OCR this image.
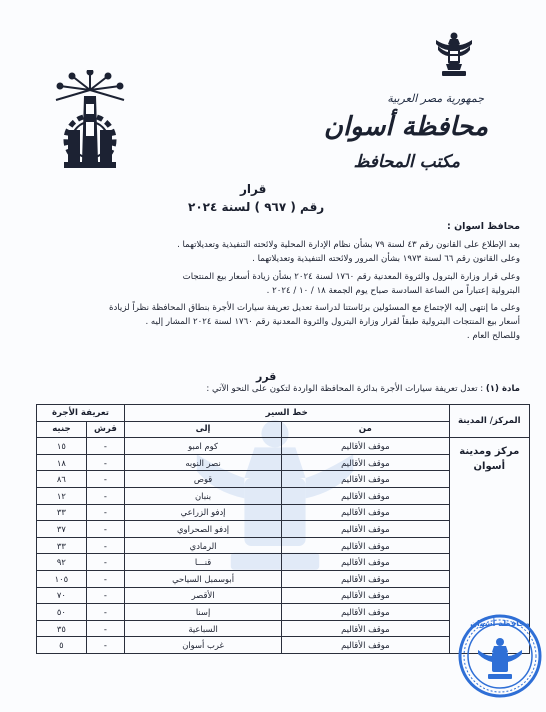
جمهورية مصر العربية
محافظة أسوان
مكتب المحافظ
قرار
رقم ( ٩٦٧ ) لسنة ٢٠٢٤
محافظ اسوان :
بعد الإطلاع على القانون رقم ٤٣ لسنة ٧٩ بشأن نظام الإدارة المحلية ولائحته التنفيذية وتعديلاتهما .
وعلى القانون رقم ٦٦ لسنة ١٩٧٣ بشأن المرور ولائحته التنفيذية وتعديلاتهما .
وعلى قرار وزارة البترول والثروة المعدنية رقم ١٧٦٠ لسنة ٢٠٢٤ بشأن زيادة أسعار بيع المنتجات
البترولية إعتباراً من الساعة السادسة صباح يوم الجمعة ١٨ / ١٠ / ٢٠٢٤ .
وعلى ما إنتهى إليه الإجتماع مع المسئولين برئاستنا لدراسة تعديل تعريفة سيارات الأجرة بنطاق المحافظة نظراً لزيادة
أسعار بيع المنتجات البترولية طبقاً لقرار وزارة البترول والثروة المعدنية رقم ١٧٦٠ لسنة ٢٠٢٤ المشار إليه .
وللصالح العام .
قرر
مادة (١) : تعدل تعريفة سيارات الأجرة بدائرة المحافظة الواردة لتكون على النحو الآتي :
المركز/ المدينة	خط السير		تعريفة الأجرة	
	من	إلى	قرش	جنيه
مركز ومدينة أسوان	موقف الأقاليم	كوم امبو	-	١٥
	موقف الأقاليم	نصر النوبه	-	١٨
	موقف الأقاليم	قوص	-	٨٦
	موقف الأقاليم	بنبان	-	١٢
	موقف الأقاليم	إدفو الزراعي	-	٣٣
	موقف الأقاليم	إدفو الصحراوي	-	٣٧
	موقف الأقاليم	الرمادي	-	٣٣
	موقف الأقاليم	قنـــا	-	٩٢
	موقف الأقاليم	أبوسمبل السياحي	-	١٠٥
	موقف الأقاليم	الأقصر	-	٧٠
	موقف الأقاليم	إسنا	-	٥٠
	موقف الأقاليم	السباعية	-	٣٥
	موقف الأقاليم	غرب أسوان	-	٥
محافظة أسوان
